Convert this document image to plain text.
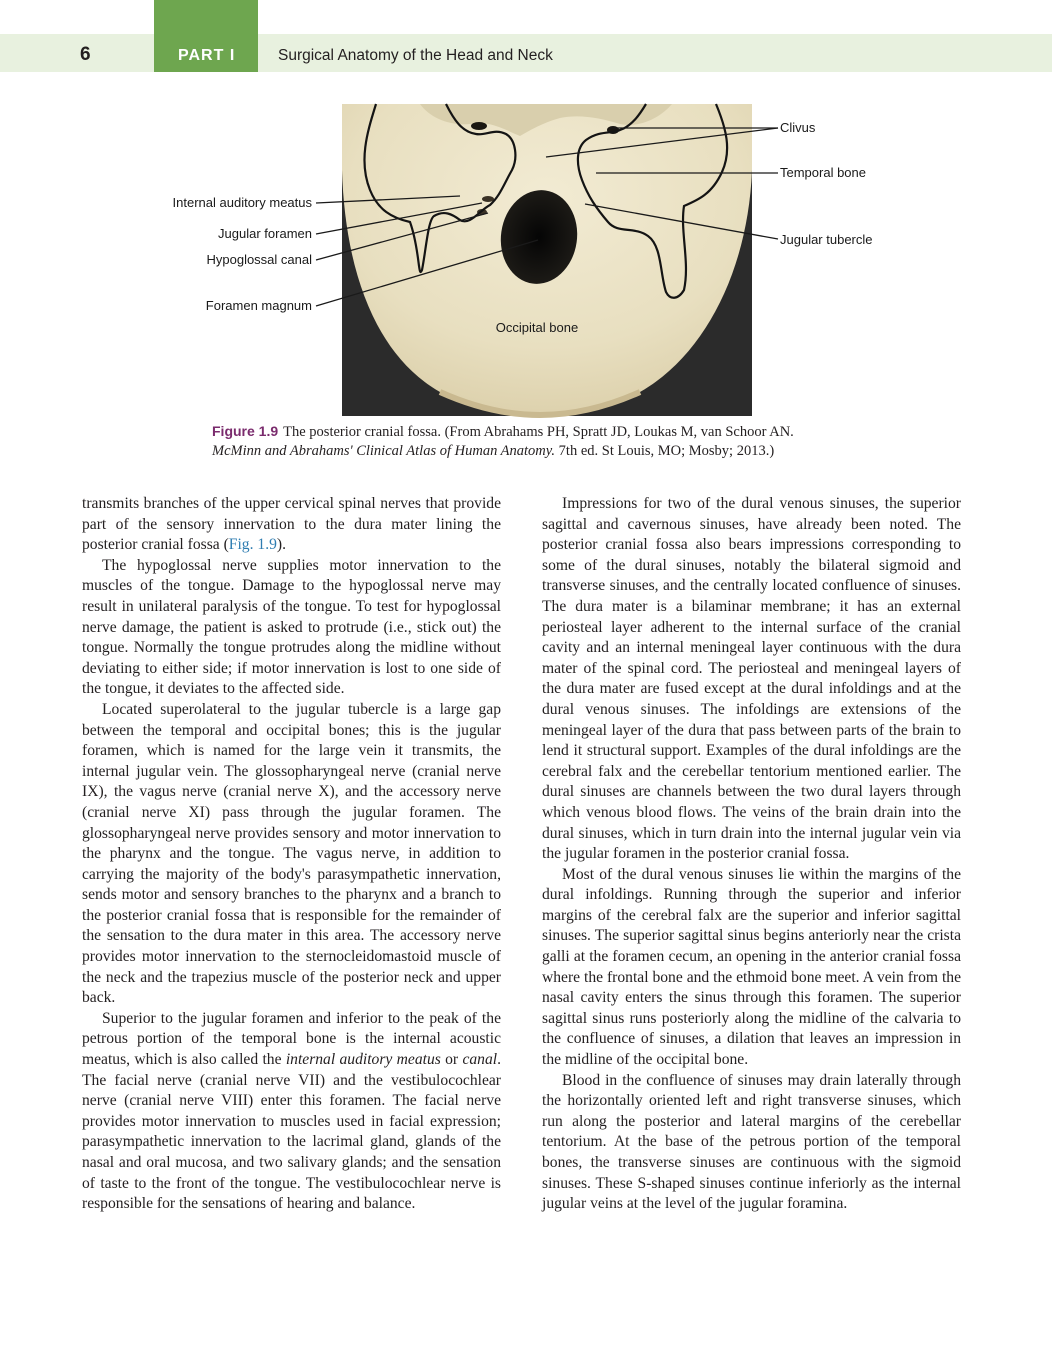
6	PART I	Surgical Anatomy of the Head and Neck
Clivus
Temporal bone
Jugular tubercle
Internal auditory meatus
Jugular foramen
Hypoglossal canal
Foramen magnum
Occipital bone
Figure 1.9 The posterior cranial fossa. (From Abrahams PH, Spratt JD, Loukas M, van Schoor AN.
McMinn and Abrahams' Clinical Atlas of Human Anatomy. 7th ed. St Louis, MO; Mosby; 2013.)

transmits branches of the upper cervical spinal nerves that provide part of the sensory innervation to the dura mater lining the posterior cranial fossa (Fig. 1.9).

The hypoglossal nerve supplies motor innervation to the muscles of the tongue. Damage to the hypoglossal nerve may result in unilateral paralysis of the tongue. To test for hypoglossal nerve damage, the patient is asked to protrude (i.e., stick out) the tongue. Normally the tongue protrudes along the midline without deviating to either side; if motor innervation is lost to one side of the tongue, it deviates to the affected side.

Located superolateral to the jugular tubercle is a large gap between the temporal and occipital bones; this is the jugular foramen, which is named for the large vein it transmits, the internal jugular vein. The glossopharyngeal nerve (cranial nerve IX), the vagus nerve (cranial nerve X), and the accessory nerve (cranial nerve XI) pass through the jugular foramen. The glossopharyngeal nerve provides sensory and motor innervation to the pharynx and the tongue. The vagus nerve, in addition to carrying the majority of the body's parasympathetic innervation, sends motor and sensory branches to the pharynx and a branch to the posterior cranial fossa that is responsible for the remainder of the sensation to the dura mater in this area. The accessory nerve provides motor innervation to the sternocleidomastoid muscle of the neck and the trapezius muscle of the posterior neck and upper back.

Superior to the jugular foramen and inferior to the peak of the petrous portion of the temporal bone is the internal acoustic meatus, which is also called the internal auditory meatus or canal. The facial nerve (cranial nerve VII) and the vestibulocochlear nerve (cranial nerve VIII) enter this foramen. The facial nerve provides motor innervation to muscles used in facial expression; parasympathetic innervation to the lacrimal gland, glands of the nasal and oral mucosa, and two salivary glands; and the sensation of taste to the front of the tongue. The vestibulocochlear nerve is responsible for the sensations of hearing and balance.

Impressions for two of the dural venous sinuses, the superior sagittal and cavernous sinuses, have already been noted. The posterior cranial fossa also bears impressions corresponding to some of the dural sinuses, notably the bilateral sigmoid and transverse sinuses, and the centrally located confluence of sinuses. The dura mater is a bilaminar membrane; it has an external periosteal layer adherent to the internal surface of the cranial cavity and an internal meningeal layer continuous with the dura mater of the spinal cord. The periosteal and meningeal layers of the dura mater are fused except at the dural infoldings and at the dural venous sinuses. The infoldings are extensions of the meningeal layer of the dura that pass between parts of the brain to lend it structural support. Examples of the dural infoldings are the cerebral falx and the cerebellar tentorium mentioned earlier. The dural sinuses are channels between the two dural layers through which venous blood flows. The veins of the brain drain into the dural sinuses, which in turn drain into the internal jugular vein via the jugular foramen in the posterior cranial fossa.

Most of the dural venous sinuses lie within the margins of the dural infoldings. Running through the superior and inferior margins of the cerebral falx are the superior and inferior sagittal sinuses. The superior sagittal sinus begins anteriorly near the crista galli at the foramen cecum, an opening in the anterior cranial fossa where the frontal bone and the ethmoid bone meet. A vein from the nasal cavity enters the sinus through this foramen. The superior sagittal sinus runs posteriorly along the midline of the calvaria to the confluence of sinuses, a dilation that leaves an impression in the midline of the occipital bone.

Blood in the confluence of sinuses may drain laterally through the horizontally oriented left and right transverse sinuses, which run along the posterior and lateral margins of the cerebellar tentorium. At the base of the petrous portion of the temporal bones, the transverse sinuses are continuous with the sigmoid sinuses. These S-shaped sinuses continue inferiorly as the internal jugular veins at the level of the jugular foramina.
